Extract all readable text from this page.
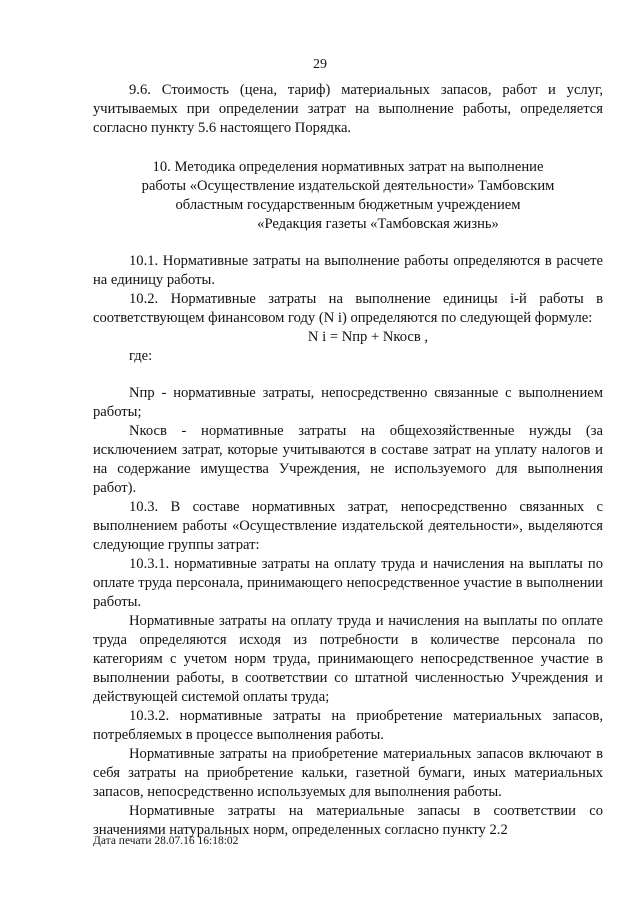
29

9.6. Стоимость (цена, тариф) материальных запасов, работ и услуг, учитываемых при определении затрат на выполнение работы, определяется согласно пункту 5.6 настоящего Порядка.

10. Методика определения нормативных затрат на выполнение

работы «Осуществление издательской деятельности» Тамбовским

областным государственным бюджетным учреждением

«Редакция газеты «Тамбовская жизнь»

10.1. Нормативные затраты на выполнение работы определяются в расчете на единицу работы.

10.2. Нормативные затраты на выполнение единицы i-й работы в соответствующем финансовом году (N i) определяются по следующей формуле:

N i = Nпр + Nкосв ,

где:

Nпр - нормативные затраты, непосредственно связанные с выполнением работы;

Nкосв - нормативные затраты на общехозяйственные нужды (за исключением затрат, которые учитываются в составе затрат на уплату налогов и на содержание имущества Учреждения, не используемого для выполнения работ).

10.3. В составе нормативных затрат, непосредственно связанных с выполнением работы «Осуществление издательской деятельности», выделяются следующие группы затрат:

10.3.1. нормативные затраты на оплату труда и начисления на выплаты по оплате труда персонала, принимающего непосредственное участие в выполнении работы.

Нормативные затраты на оплату труда и начисления на выплаты по оплате труда определяются исходя из потребности в количестве персонала по категориям с учетом норм труда, принимающего непосредственное участие в выполнении работы, в соответствии со штатной численностью Учреждения и действующей системой оплаты труда;

10.3.2. нормативные затраты на приобретение материальных запасов, потребляемых в процессе выполнения работы.

Нормативные затраты на приобретение материальных запасов включают в себя затраты на приобретение кальки, газетной бумаги, иных материальных запасов, непосредственно используемых для выполнения работы.

Нормативные затраты на материальные запасы в соответствии со значениями натуральных норм, определенных согласно пункту 2.2

Дата печати 28.07.16 16:18:02
